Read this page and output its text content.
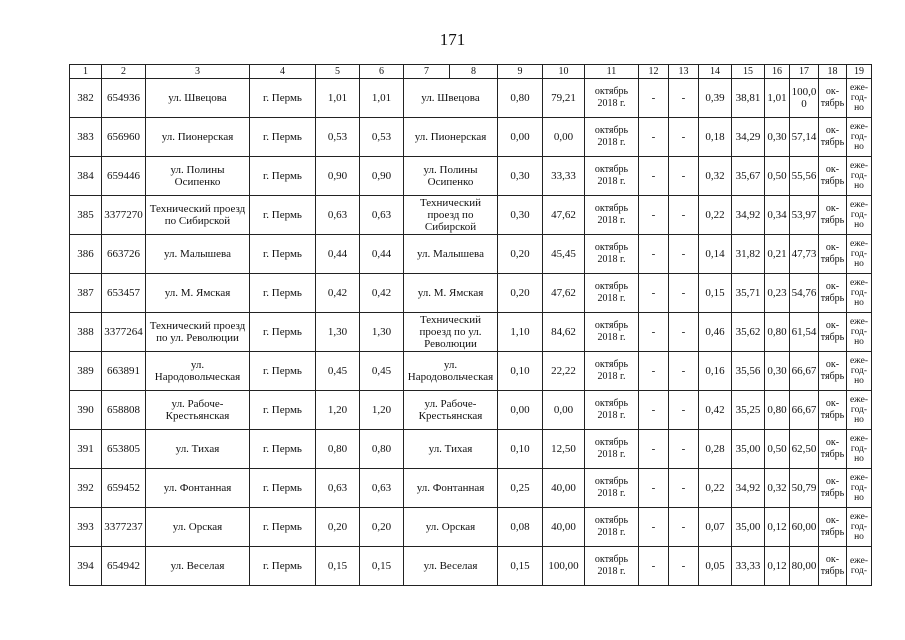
171
1	2	3	4	5	6	7	8	9	10	11	12	13	14	15	16	17	18	19
382	654936	ул. Швецова	г. Пермь	1,01	1,01	ул. Швецова		0,80	79,21	октябрь 2018 г.	-	-	0,39	38,81	1,01	100,0 0	ок- тябрь	еже- год- но
383	656960	ул. Пионерская	г. Пермь	0,53	0,53	ул. Пионерская		0,00	0,00	октябрь 2018 г.	-	-	0,18	34,29	0,30	57,14	ок- тябрь	еже- год- но
384	659446	ул. Полины Осипенко	г. Пермь	0,90	0,90	ул. Полины Осипенко		0,30	33,33	октябрь 2018 г.	-	-	0,32	35,67	0,50	55,56	ок- тябрь	еже- год- но
385	3377270	Технический проезд по Сибирской	г. Пермь	0,63	0,63	Технический проезд по Сибирской		0,30	47,62	октябрь 2018 г.	-	-	0,22	34,92	0,34	53,97	ок- тябрь	еже- год- но
386	663726	ул. Малышева	г. Пермь	0,44	0,44	ул. Малышева		0,20	45,45	октябрь 2018 г.	-	-	0,14	31,82	0,21	47,73	ок- тябрь	еже- год- но
387	653457	ул. М. Ямская	г. Пермь	0,42	0,42	ул. М. Ямская		0,20	47,62	октябрь 2018 г.	-	-	0,15	35,71	0,23	54,76	ок- тябрь	еже- год- но
388	3377264	Технический проезд по ул. Революции	г. Пермь	1,30	1,30	Технический проезд по ул. Революции		1,10	84,62	октябрь 2018 г.	-	-	0,46	35,62	0,80	61,54	ок- тябрь	еже- год- но
389	663891	ул. Народовольческая	г. Пермь	0,45	0,45	ул. Народовольческая		0,10	22,22	октябрь 2018 г.	-	-	0,16	35,56	0,30	66,67	ок- тябрь	еже- год- но
390	658808	ул. Рабоче- Крестьянская	г. Пермь	1,20	1,20	ул. Рабоче- Крестьянская		0,00	0,00	октябрь 2018 г.	-	-	0,42	35,25	0,80	66,67	ок- тябрь	еже- год- но
391	653805	ул. Тихая	г. Пермь	0,80	0,80	ул. Тихая		0,10	12,50	октябрь 2018 г.	-	-	0,28	35,00	0,50	62,50	ок- тябрь	еже- год- но
392	659452	ул. Фонтанная	г. Пермь	0,63	0,63	ул. Фонтанная		0,25	40,00	октябрь 2018 г.	-	-	0,22	34,92	0,32	50,79	ок- тябрь	еже- год- но
393	3377237	ул. Орская	г. Пермь	0,20	0,20	ул. Орская		0,08	40,00	октябрь 2018 г.	-	-	0,07	35,00	0,12	60,00	ок- тябрь	еже- год- но
394	654942	ул. Веселая	г. Пермь	0,15	0,15	ул. Веселая		0,15	100,00	октябрь 2018 г.	-	-	0,05	33,33	0,12	80,00	ок- тябрь	еже- год-
